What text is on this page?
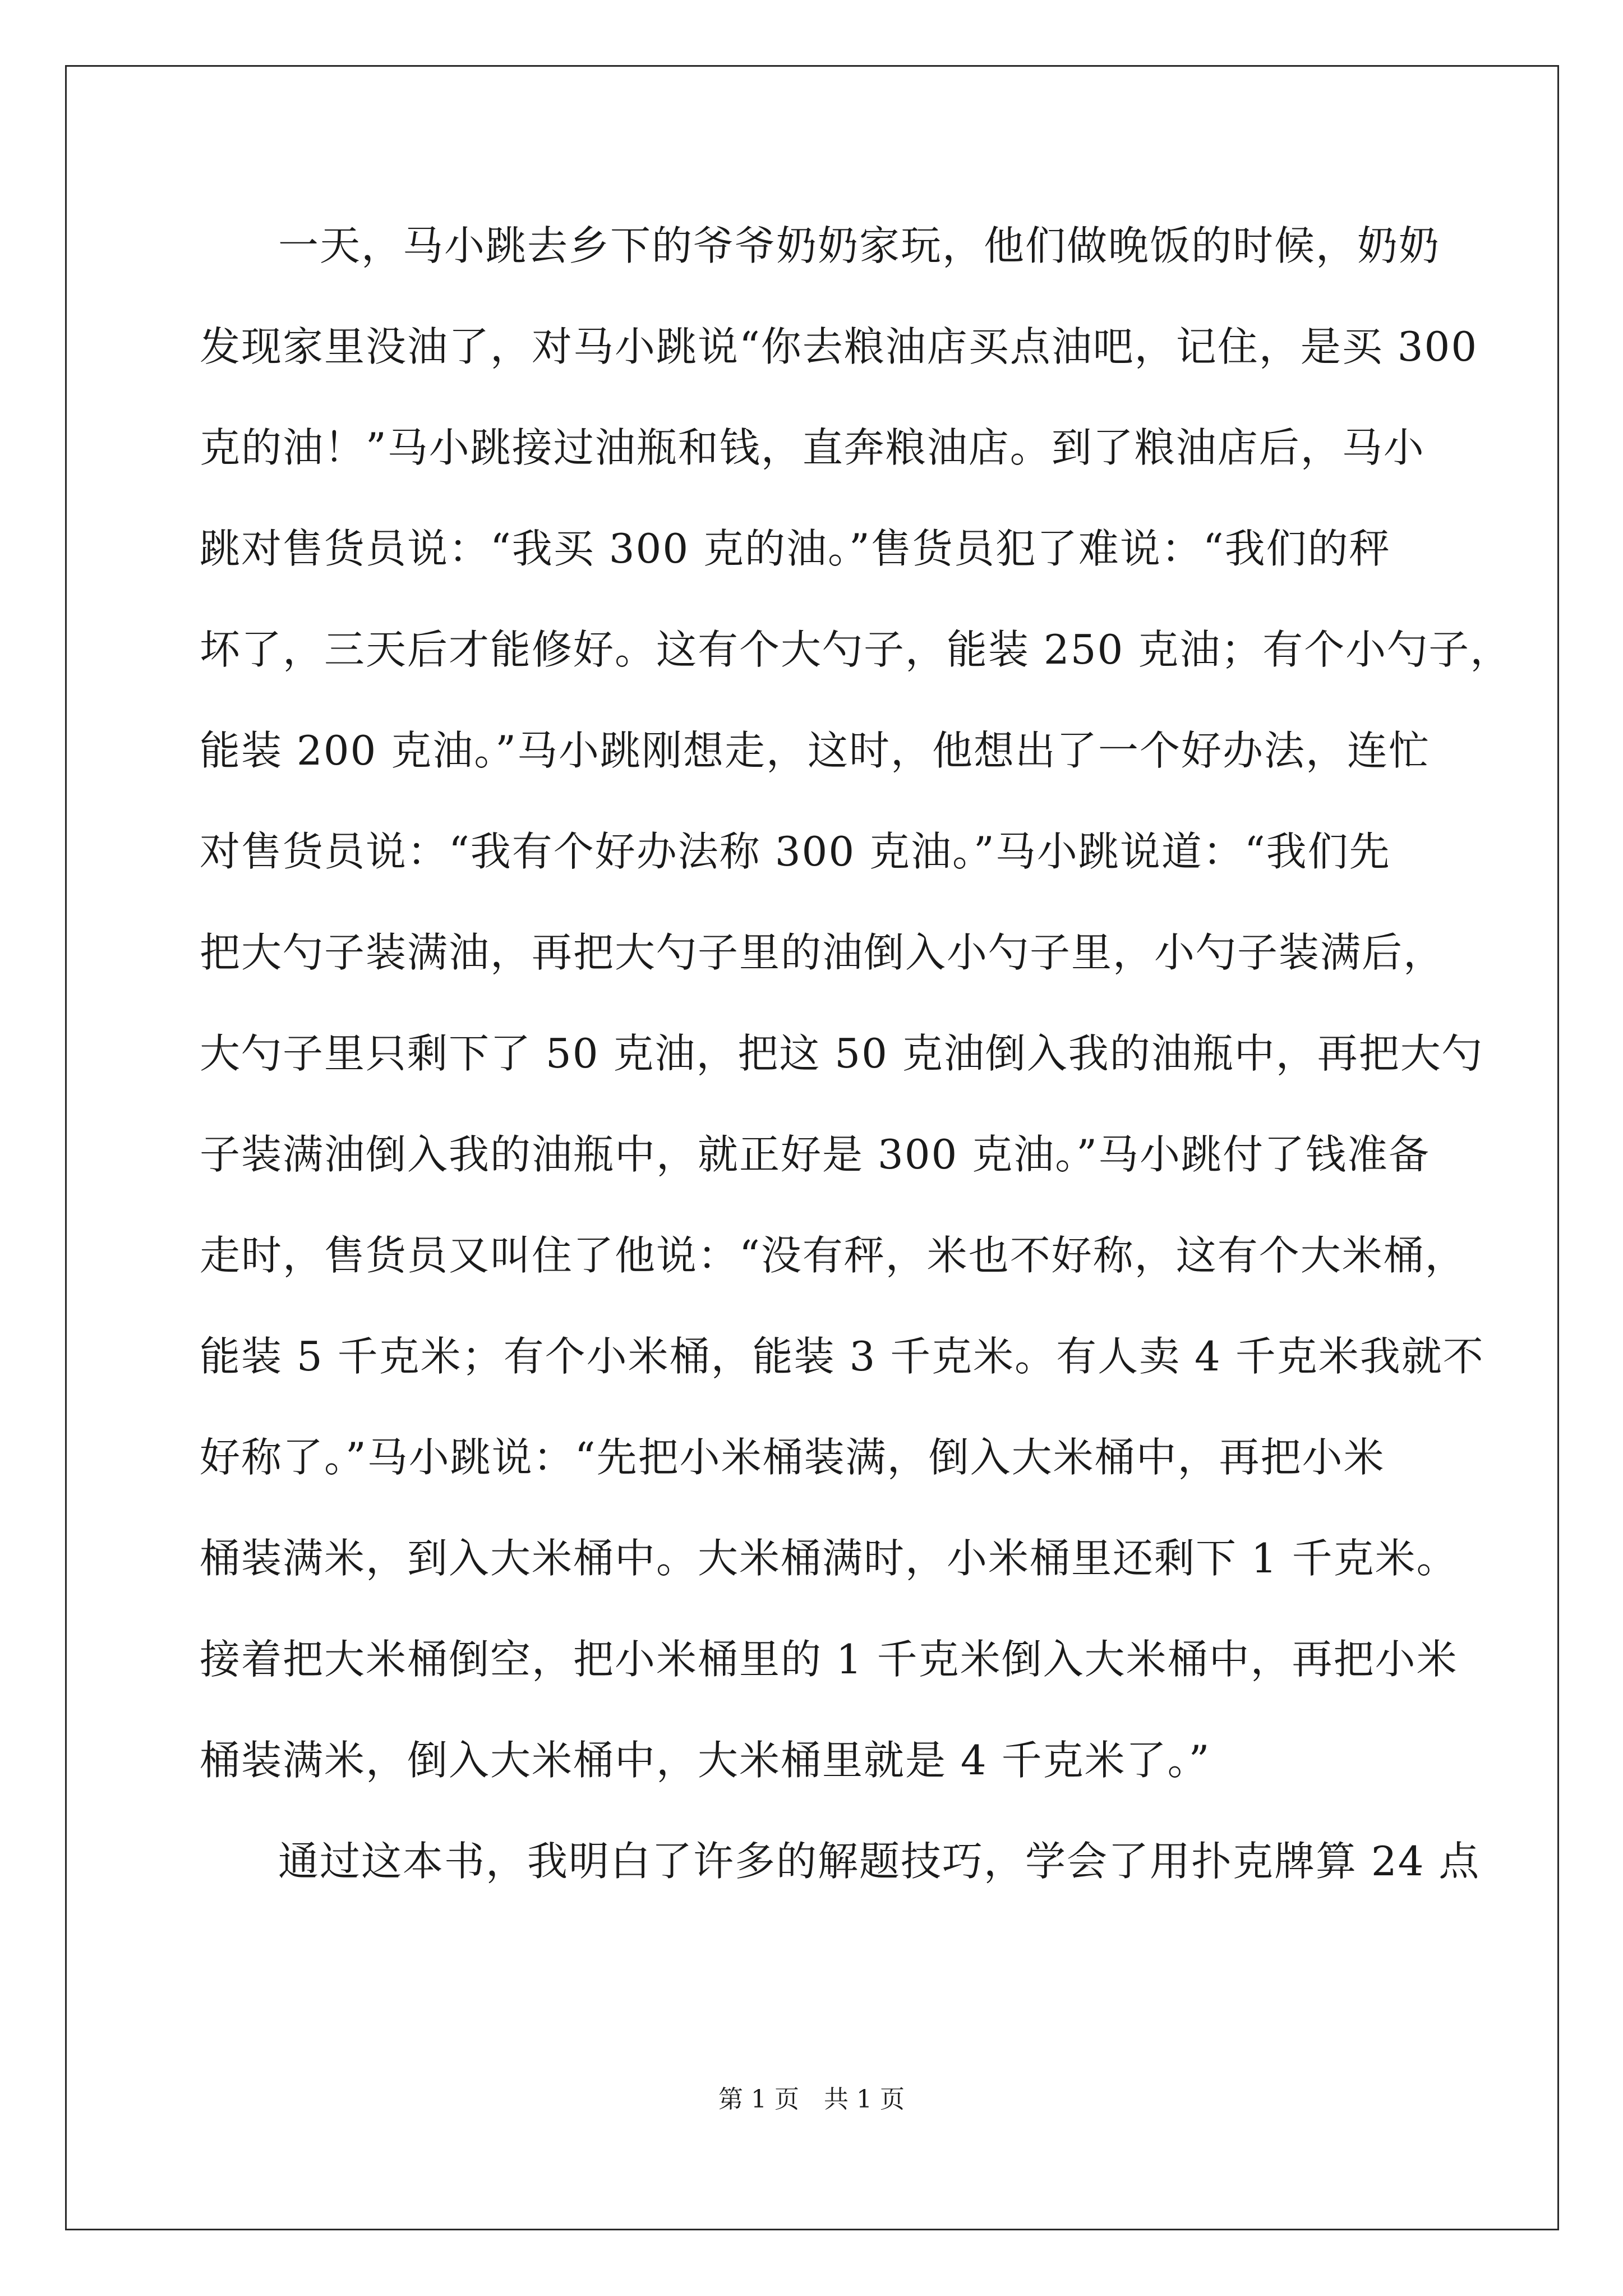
一天，马小跳去乡下的爷爷奶奶家玩，他们做晚饭的时候，奶奶
发现家里没油了，对马小跳说“你去粮油店买点油吧，记住，是买 300
克的油！”马小跳接过油瓶和钱，直奔粮油店。到了粮油店后，马小
跳对售货员说：“我买 300 克的油。”售货员犯了难说：“我们的秤
坏了，三天后才能修好。这有个大勺子，能装 250 克油；有个小勺子，
能装 200 克油。”马小跳刚想走，这时，他想出了一个好办法，连忙
对售货员说：“我有个好办法称 300 克油。”马小跳说道：“我们先
把大勺子装满油，再把大勺子里的油倒入小勺子里，小勺子装满后，
大勺子里只剩下了 50 克油，把这 50 克油倒入我的油瓶中，再把大勺
子装满油倒入我的油瓶中，就正好是 300 克油。”马小跳付了钱准备
走时，售货员又叫住了他说：“没有秤，米也不好称，这有个大米桶，
能装 5 千克米；有个小米桶，能装 3 千克米。有人卖 4 千克米我就不
好称了。”马小跳说：“先把小米桶装满，倒入大米桶中，再把小米
桶装满米，到入大米桶中。大米桶满时，小米桶里还剩下 1 千克米。
接着把大米桶倒空，把小米桶里的 1 千克米倒入大米桶中，再把小米
桶装满米，倒入大米桶中，大米桶里就是 4 千克米了。”
通过这本书，我明白了许多的解题技巧，学会了用扑克牌算 24 点
第 1 页　共 1 页
